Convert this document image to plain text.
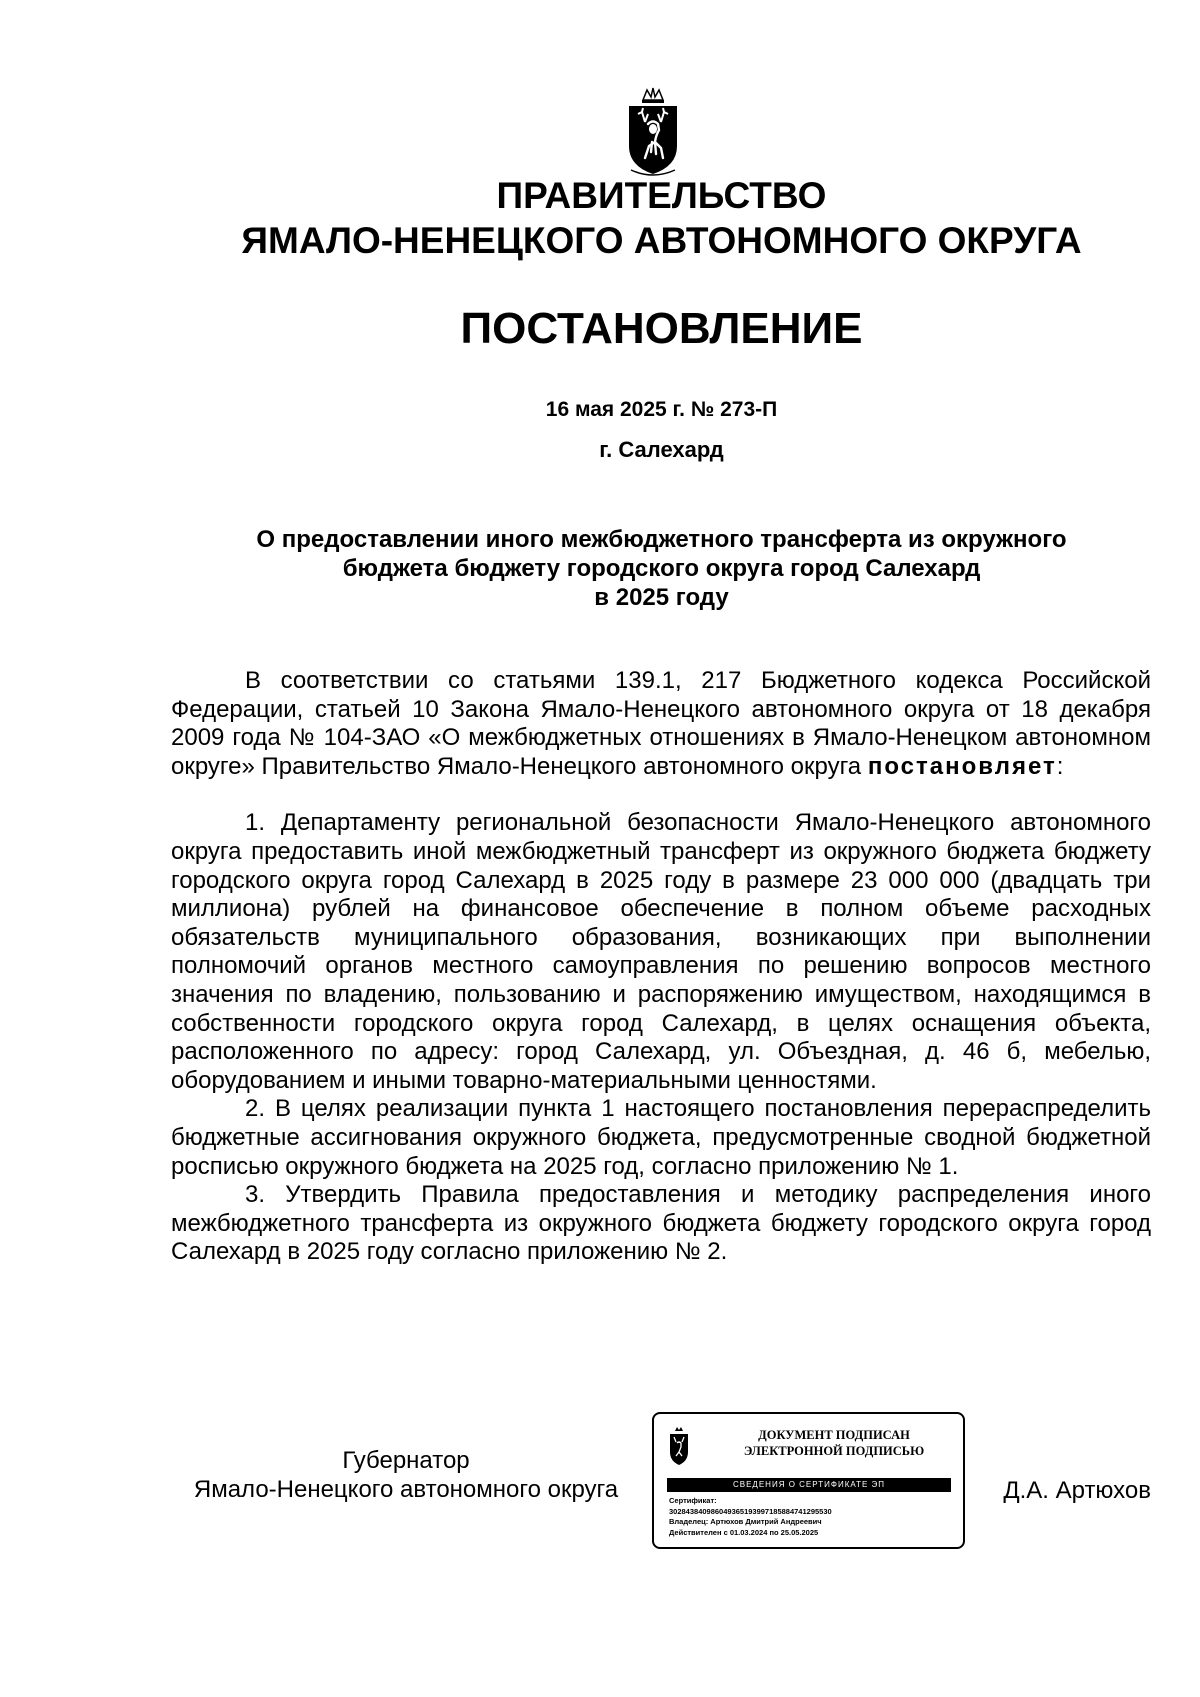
ПРАВИТЕЛЬСТВО
ЯМАЛО-НЕНЕЦКОГО АВТОНОМНОГО ОКРУГА
ПОСТАНОВЛЕНИЕ
16 мая 2025 г. № 273-П
г. Салехард
О предоставлении иного межбюджетного трансферта из окружного
бюджета бюджету городского округа город Салехард
в 2025 году

В соответствии со статьями 139.1, 217 Бюджетного кодекса Российской Федерации, статьей 10 Закона Ямало-Ненецкого автономного округа от 18 декабря 2009 года № 104-ЗАО «О межбюджетных отношениях в Ямало-Ненецком автономном округе» Правительство Ямало-Ненецкого автономного округа постановляет:

1. Департаменту региональной безопасности Ямало-Ненецкого автономного округа предоставить иной межбюджетный трансферт из окружного бюджета бюджету городского округа город Салехард в 2025 году в размере 23 000 000 (двадцать три миллиона) рублей на финансовое обеспечение в полном объеме расходных обязательств муниципального образования, возникающих при выполнении полномочий органов местного самоуправления по решению вопросов местного значения по владению, пользованию и распоряжению имуществом, находящимся в собственности городского округа город Салехард, в целях оснащения объекта, расположенного по адресу: город Салехард, ул. Объездная, д. 46 б, мебелью, оборудованием и иными товарно-материальными ценностями.

2. В целях реализации пункта 1 настоящего постановления перераспределить бюджетные ассигнования окружного бюджета, предусмотренные сводной бюджетной росписью окружного бюджета на 2025 год, согласно приложению № 1.

3. Утвердить Правила предоставления и методику распределения иного межбюджетного трансферта из окружного бюджета бюджету городского округа город Салехард в 2025 году согласно приложению № 2.

Губернатор
Ямало-Ненецкого автономного округа
ДОКУМЕНТ ПОДПИСАН
ЭЛЕКТРОННОЙ ПОДПИСЬЮ
СВЕДЕНИЯ О СЕРТИФИКАТЕ ЭП
Сертификат:
302843840986049365193997185884741295530
Владелец: Артюхов Дмитрий Андреевич
Действителен с 01.03.2024 по 25.05.2025
Д.А. Артюхов
